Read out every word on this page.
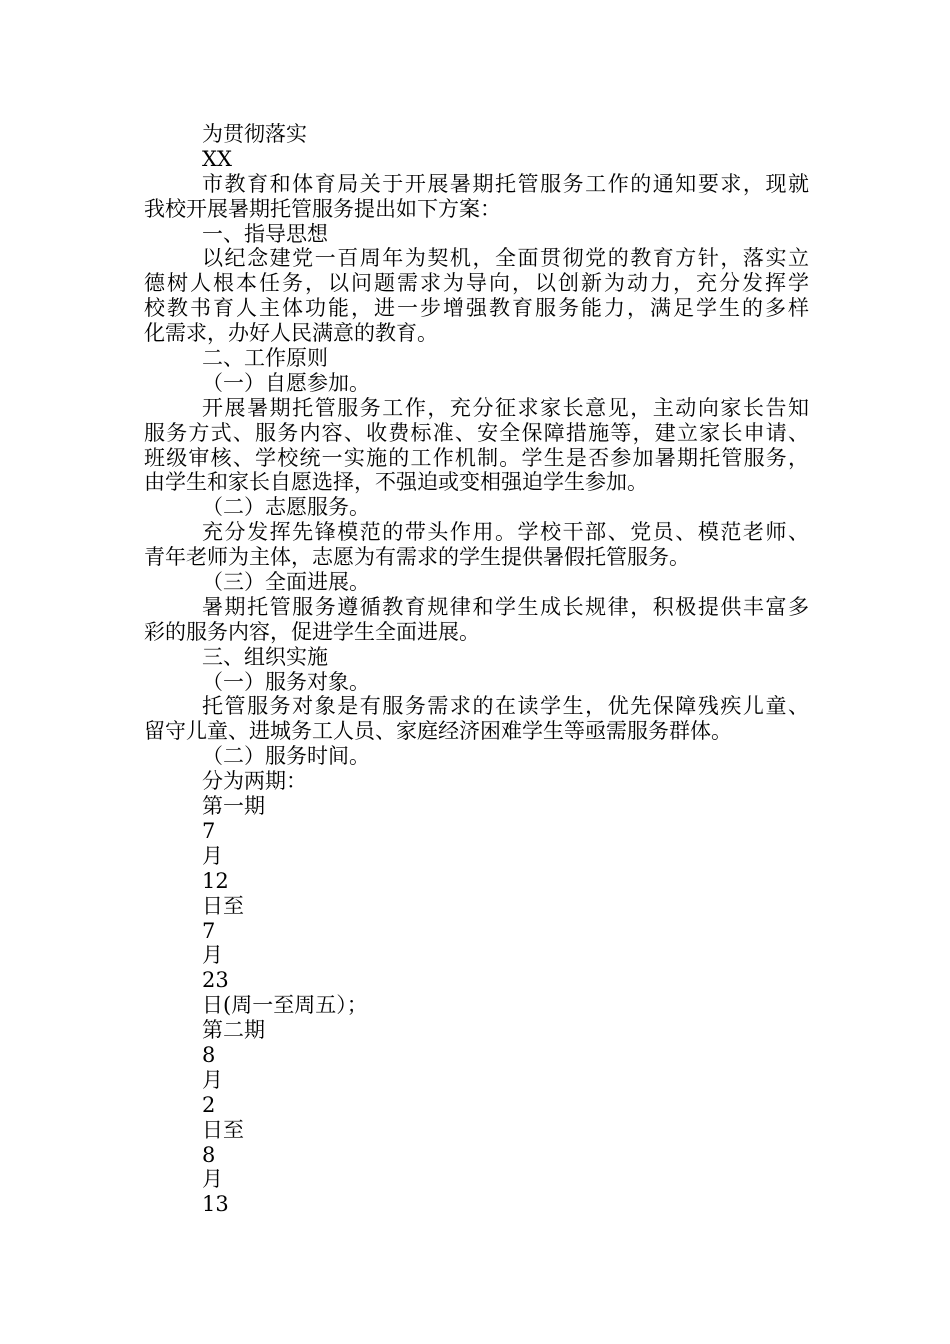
为贯彻落实
XX
市教育和体育局关于开展暑期托管服务工作的通知要求，现就
我校开展暑期托管服务提出如下方案：
一、指导思想
以纪念建党一百周年为契机，全面贯彻党的教育方针，落实立
德树人根本任务，以问题需求为导向，以创新为动力，充分发挥学
校教书育人主体功能，进一步增强教育服务能力，满足学生的多样
化需求，办好人民满意的教育。
二、工作原则
（一）自愿参加。
开展暑期托管服务工作，充分征求家长意见，主动向家长告知
服务方式、服务内容、收费标准、安全保障措施等，建立家长申请、
班级审核、学校统一实施的工作机制。学生是否参加暑期托管服务，
由学生和家长自愿选择，不强迫或变相强迫学生参加。
（二）志愿服务。
充分发挥先锋模范的带头作用。学校干部、党员、模范老师、
青年老师为主体，志愿为有需求的学生提供暑假托管服务。
（三）全面进展。
暑期托管服务遵循教育规律和学生成长规律，积极提供丰富多
彩的服务内容，促进学生全面进展。
三、组织实施
（一）服务对象。
托管服务对象是有服务需求的在读学生，优先保障残疾儿童、
留守儿童、进城务工人员、家庭经济困难学生等亟需服务群体。
（二）服务时间。
分为两期：
第一期
7
月
12
日至
7
月
23
日(周一至周五）；
第二期
8
月
2
日至
8
月
13
